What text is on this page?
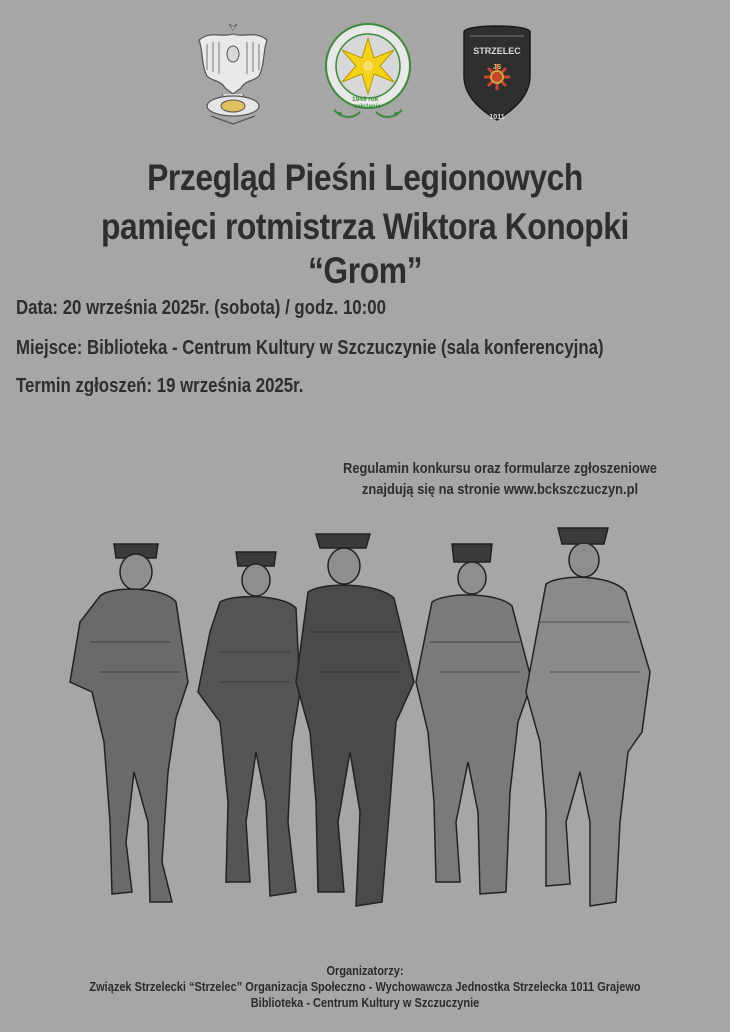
1949 rok
założenia
STRZELEC
JS
1011
Przegląd Pieśni Legionowych
pamięci rotmistrza Wiktora Konopki “Grom”
Data: 20 września 2025r. (sobota) / godz. 10:00
Miejsce: Biblioteka - Centrum Kultury w Szczuczynie (sala konferencyjna)
Termin zgłoszeń: 19 września 2025r.
Regulamin konkursu oraz formularze zgłoszeniowe
znajdują się na stronie www.bckszczuczyn.pl
Organizatorzy:
Związek Strzelecki “Strzelec” Organizacja Społeczno - Wychowawcza Jednostka Strzelecka 1011 Grajewo
Biblioteka - Centrum Kultury w Szczuczynie
